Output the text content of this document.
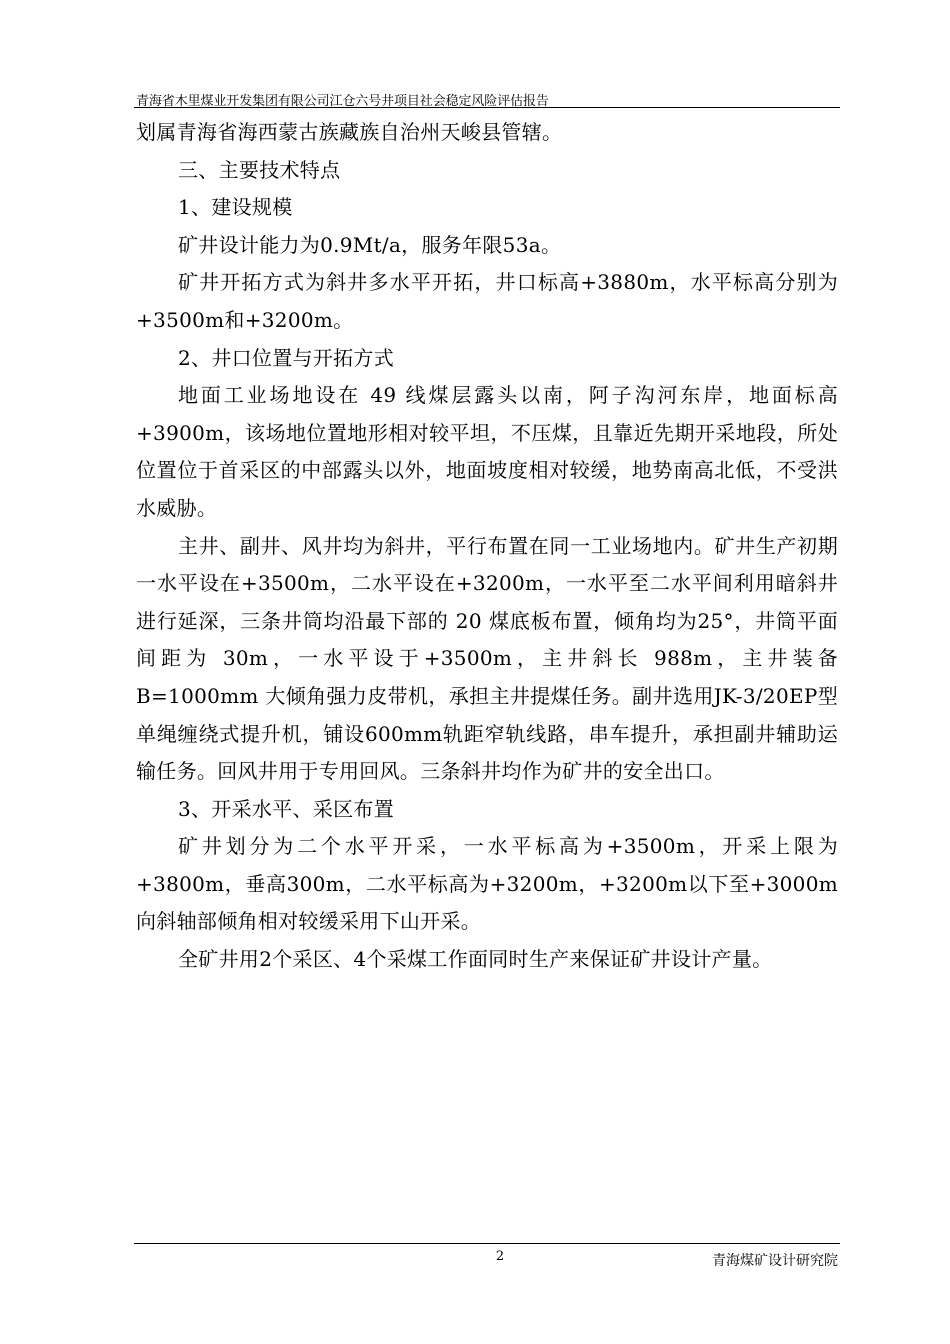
青海省木里煤业开发集团有限公司江仓六号井项目社会稳定风险评估报告

划属青海省海西蒙古族藏族自治州天峻县管辖。

三、主要技术特点

1、建设规模

矿井设计能力为0.9Mt/a，服务年限53a。

矿井开拓方式为斜井多水平开拓，井口标高+3880m，水平标高分别为+3500m和+3200m。

2、井口位置与开拓方式

地面工业场地设在 49 线煤层露头以南，阿子沟河东岸，地面标高+3900m，该场地位置地形相对较平坦，不压煤，且靠近先期开采地段，所处位置位于首采区的中部露头以外，地面坡度相对较缓，地势南高北低，不受洪水威胁。

主井、副井、风井均为斜井，平行布置在同一工业场地内。矿井生产初期一水平设在+3500m，二水平设在+3200m，一水平至二水平间利用暗斜井进行延深，三条井筒均沿最下部的 20 煤底板布置，倾角均为25°，井筒平面间距为 30m，一水平设于+3500m，主井斜长 988m，主井装备 B=1000mm 大倾角强力皮带机，承担主井提煤任务。副井选用JK-3/20EP型单绳缠绕式提升机，铺设600mm轨距窄轨线路，串车提升，承担副井辅助运输任务。回风井用于专用回风。三条斜井均作为矿井的安全出口。

3、开采水平、采区布置

矿井划分为二个水平开采，一水平标高为+3500m，开采上限为+3800m，垂高300m，二水平标高为+3200m，+3200m以下至+3000m向斜轴部倾角相对较缓采用下山开采。

全矿井用2个采区、4个采煤工作面同时生产来保证矿井设计产量。

2	青海煤矿设计研究院
